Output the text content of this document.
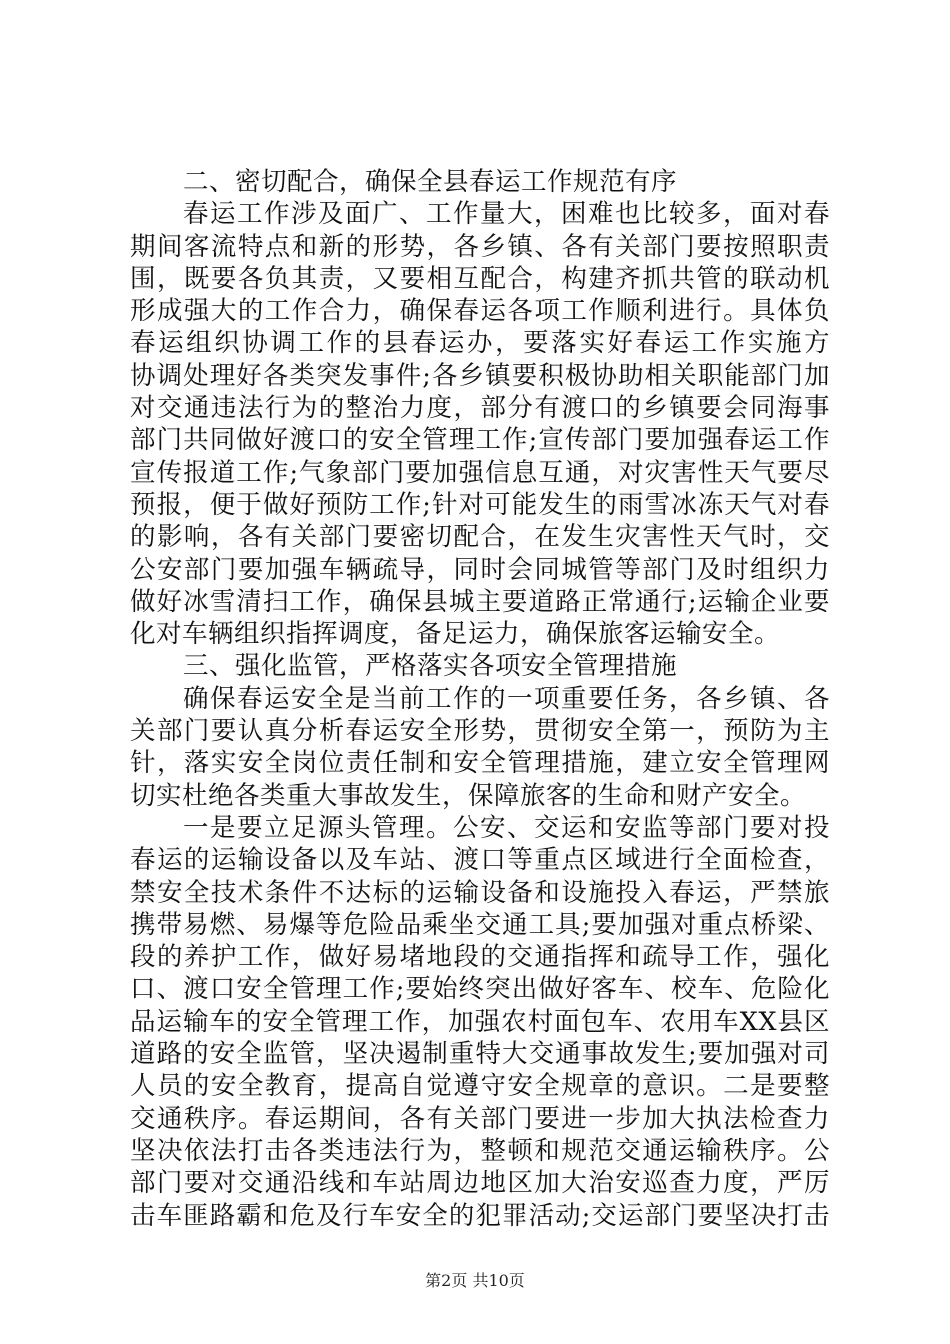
二、密切配合，确保全县春运工作规范有序
春运工作涉及面广、工作量大，困难也比较多，面对春
期间客流特点和新的形势，各乡镇、各有关部门要按照职责
围，既要各负其责，又要相互配合，构建齐抓共管的联动机
形成强大的工作合力，确保春运各项工作顺利进行。具体负
春运组织协调工作的县春运办，要落实好春运工作实施方
协调处理好各类突发事件;各乡镇要积极协助相关职能部门加
对交通违法行为的整治力度，部分有渡口的乡镇要会同海事
部门共同做好渡口的安全管理工作;宣传部门要加强春运工作
宣传报道工作;气象部门要加强信息互通，对灾害性天气要尽
预报，便于做好预防工作;针对可能发生的雨雪冰冻天气对春
的影响，各有关部门要密切配合，在发生灾害性天气时，交
公安部门要加强车辆疏导，同时会同城管等部门及时组织力
做好冰雪清扫工作，确保县城主要道路正常通行;运输企业要
化对车辆组织指挥调度，备足运力，确保旅客运输安全。
三、强化监管，严格落实各项安全管理措施
确保春运安全是当前工作的一项重要任务，各乡镇、各
关部门要认真分析春运安全形势，贯彻安全第一，预防为主
针，落实安全岗位责任制和安全管理措施，建立安全管理网
切实杜绝各类重大事故发生，保障旅客的生命和财产安全。
一是要立足源头管理。公安、交运和安监等部门要对投
春运的运输设备以及车站、渡口等重点区域进行全面检查，
禁安全技术条件不达标的运输设备和设施投入春运，严禁旅
携带易燃、易爆等危险品乘坐交通工具;要加强对重点桥梁、
段的养护工作，做好易堵地段的交通指挥和疏导工作，强化
口、渡口安全管理工作;要始终突出做好客车、校车、危险化
品运输车的安全管理工作，加强农村面包车、农用车XX县区
道路的安全监管，坚决遏制重特大交通事故发生;要加强对司
人员的安全教育，提高自觉遵守安全规章的意识。二是要整
交通秩序。春运期间，各有关部门要进一步加大执法检查力
坚决依法打击各类违法行为，整顿和规范交通运输秩序。公
部门要对交通沿线和车站周边地区加大治安巡查力度，严厉
击车匪路霸和危及行车安全的犯罪活动;交运部门要坚决打击
第2页 共10页
